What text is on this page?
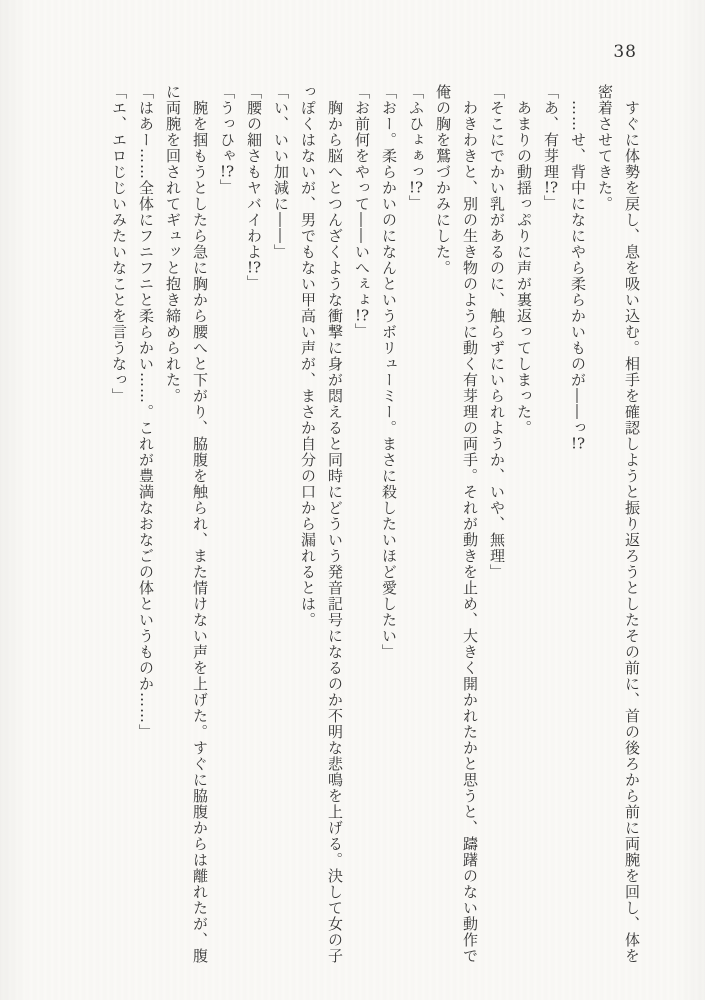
38

すぐに体勢を戻し、息を吸い込む。相手を確認しようと振り返ろうとしたその前に、首の後ろから前に両腕を回し、体を密着させてきた。

……せ、背中になにやら柔らかいものが――っ!?

「あ、有芽理!?」

あまりの動揺っぷりに声が裏返ってしまった。

「そこにでかい乳があるのに、触らずにいられようか、いや、無理」

わきわきと、別の生き物のように動く有芽理の両手。それが動きを止め、大きく開かれたかと思うと、躊躇のない動作で俺の胸を鷲づかみにした。

「ふひょぁっ!?」

「おー。柔らかいのになんというボリューミー。まさに殺したいほど愛したい」

「お前何をやって――いへぇょ!?」

胸から脳へとつんざくような衝撃に身が悶えると同時にどういう発音記号になるのか不明な悲鳴を上げる。決して女の子っぽくはないが、男でもない甲高い声が、まさか自分の口から漏れるとは。

「い、いい加減に――」

「腰の細さもヤバイわよ!?」

「うっひゃ!?」

腕を掴もうとしたら急に胸から腰へと下がり、脇腹を触られ、また情けない声を上げた。すぐに脇腹からは離れたが、腹に両腕を回されてギュッと抱き締められた。

「はあー……全体にフニフニと柔らかい……。これが豊満なおなごの体というものか……」

「エ、エロじじいみたいなことを言うなっ」
